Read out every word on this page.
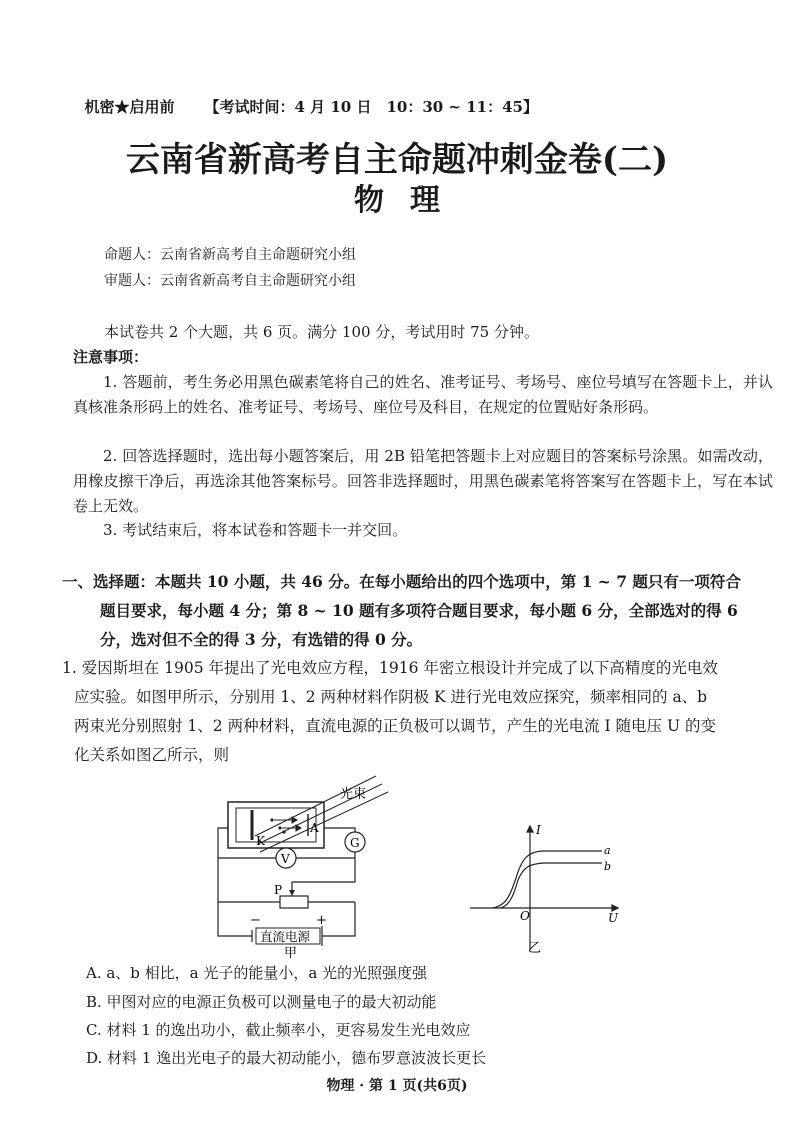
机密★启用前 【考试时间：4 月 10 日　10：30 ~ 11：45】

云南省新高考自主命题冲刺金卷(二)
物理
命题人：云南省新高考自主命题研究小组
审题人：云南省新高考自主命题研究小组
本试卷共 2 个大题，共 6 页。满分 100 分，考试用时 75 分钟。
注意事项：
1. 答题前，考生务必用黑色碳素笔将自己的姓名、准考证号、考场号、座位号填写在答题卡上，并认真核准条形码上的姓名、准考证号、考场号、座位号及科目，在规定的位置贴好条形码。
2. 回答选择题时，选出每小题答案后，用 2B 铅笔把答题卡上对应题目的答案标号涂黑。如需改动，用橡皮擦干净后，再选涂其他答案标号。回答非选择题时，用黑色碳素笔将答案写在答题卡上，写在本试卷上无效。
3. 考试结束后，将本试卷和答题卡一并交回。
一、选择题：本题共 10 小题，共 46 分。在每小题给出的四个选项中，第 1 ~ 7 题只有一项符合
题目要求，每小题 4 分；第 8 ~ 10 题有多项符合题目要求，每小题 6 分，全部选对的得 6
分，选对但不全的得 3 分，有选错的得 0 分。
1. 爱因斯坦在 1905 年提出了光电效应方程，1916 年密立根设计并完成了以下高精度的光电效
应实验。如图甲所示，分别用 1、2 两种材料作阴极 K 进行光电效应探究，频率相同的 a、b
两束光分别照射 1、2 两种材料，直流电源的正负极可以调节，产生的光电流 I 随电压 U 的变
化关系如图乙所示，则
光束
A
K	G
V
P
−	+
直流电源
甲
I
U
O
a
b
乙
A. a、b 相比，a 光子的能量小，a 光的光照强度强
B. 甲图对应的电源正负极可以测量电子的最大初动能
C. 材料 1 的逸出功小，截止频率小，更容易发生光电效应
D. 材料 1 逸出光电子的最大初动能小，德布罗意波波长更长
物理 · 第 1 页(共6页)
